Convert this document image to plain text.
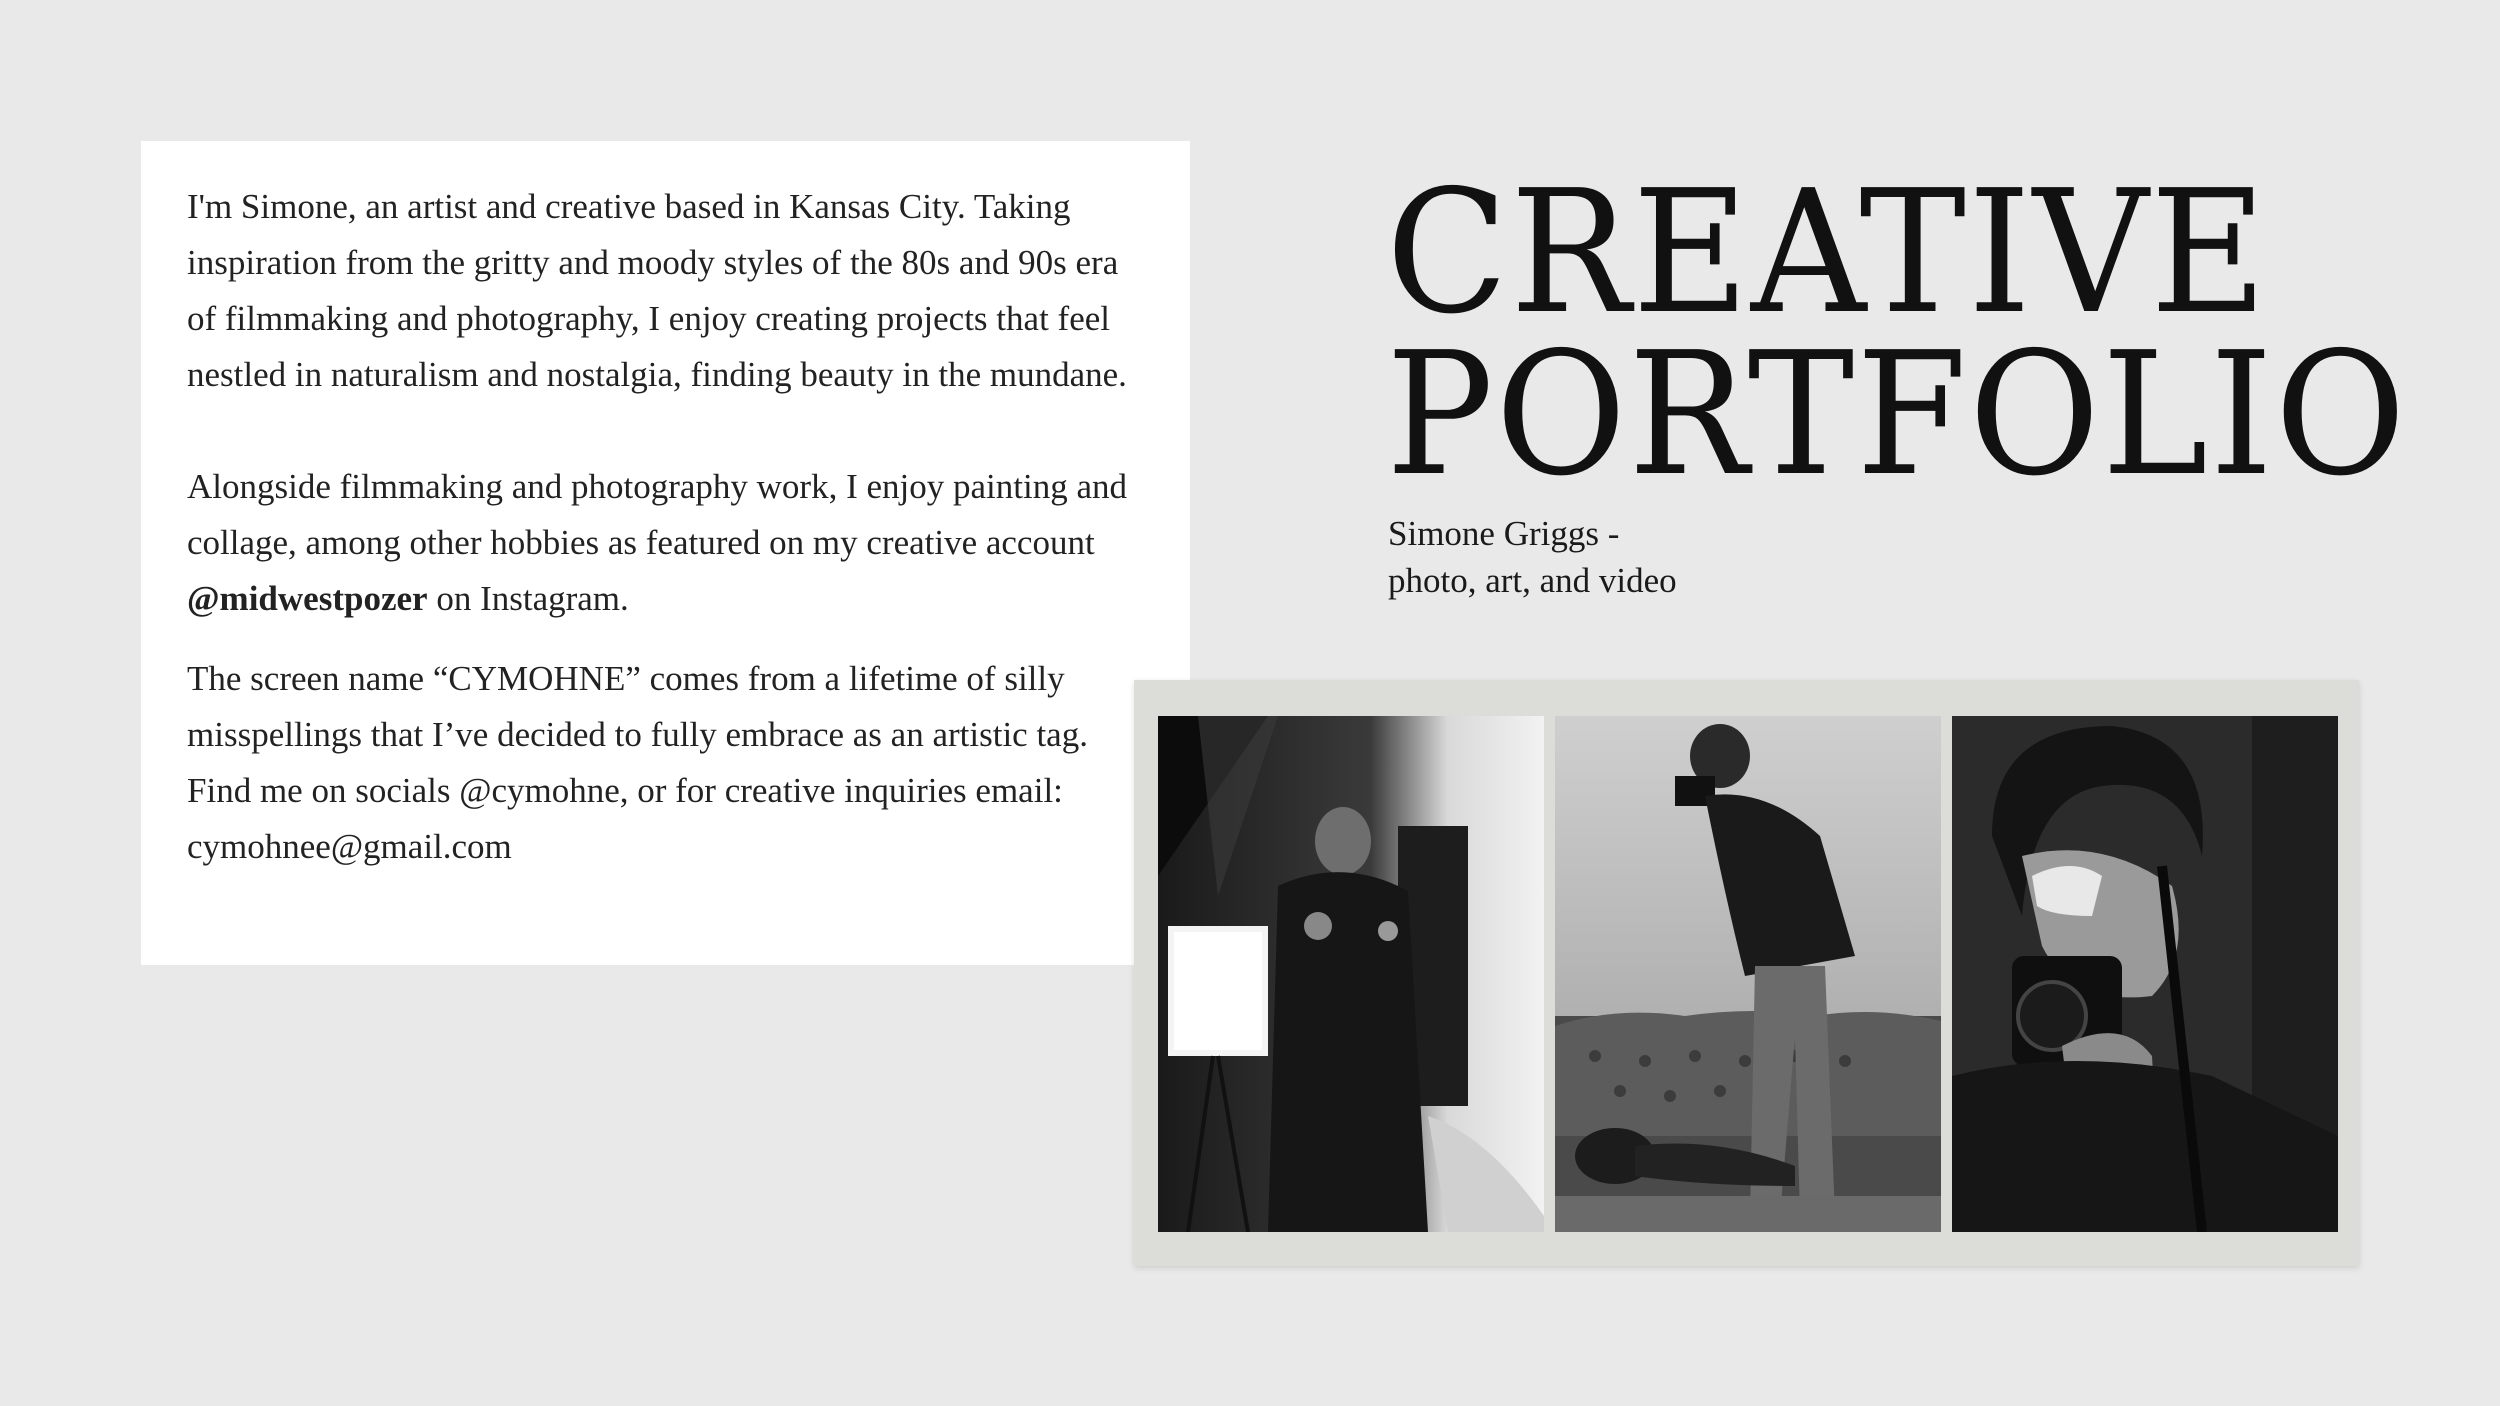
I'm Simone, an artist and creative based in Kansas City. Taking inspiration from the gritty and moody styles of the 80s and 90s era of filmmaking and photography, I enjoy creating projects that feel nestled in naturalism and nostalgia, finding beauty in the mundane.

Alongside filmmaking and photography work, I enjoy painting and collage, among other hobbies as featured on my creative account @midwestpozer on Instagram.

The screen name “CYMOHNE” comes from a lifetime of silly misspellings that I’ve decided to fully embrace as an artistic tag. Find me on socials @cymohne, or for creative inquiries email: cymohnee@gmail.com

CREATIVE
PORTFOLIO
Simone Griggs -
photo, art, and video
